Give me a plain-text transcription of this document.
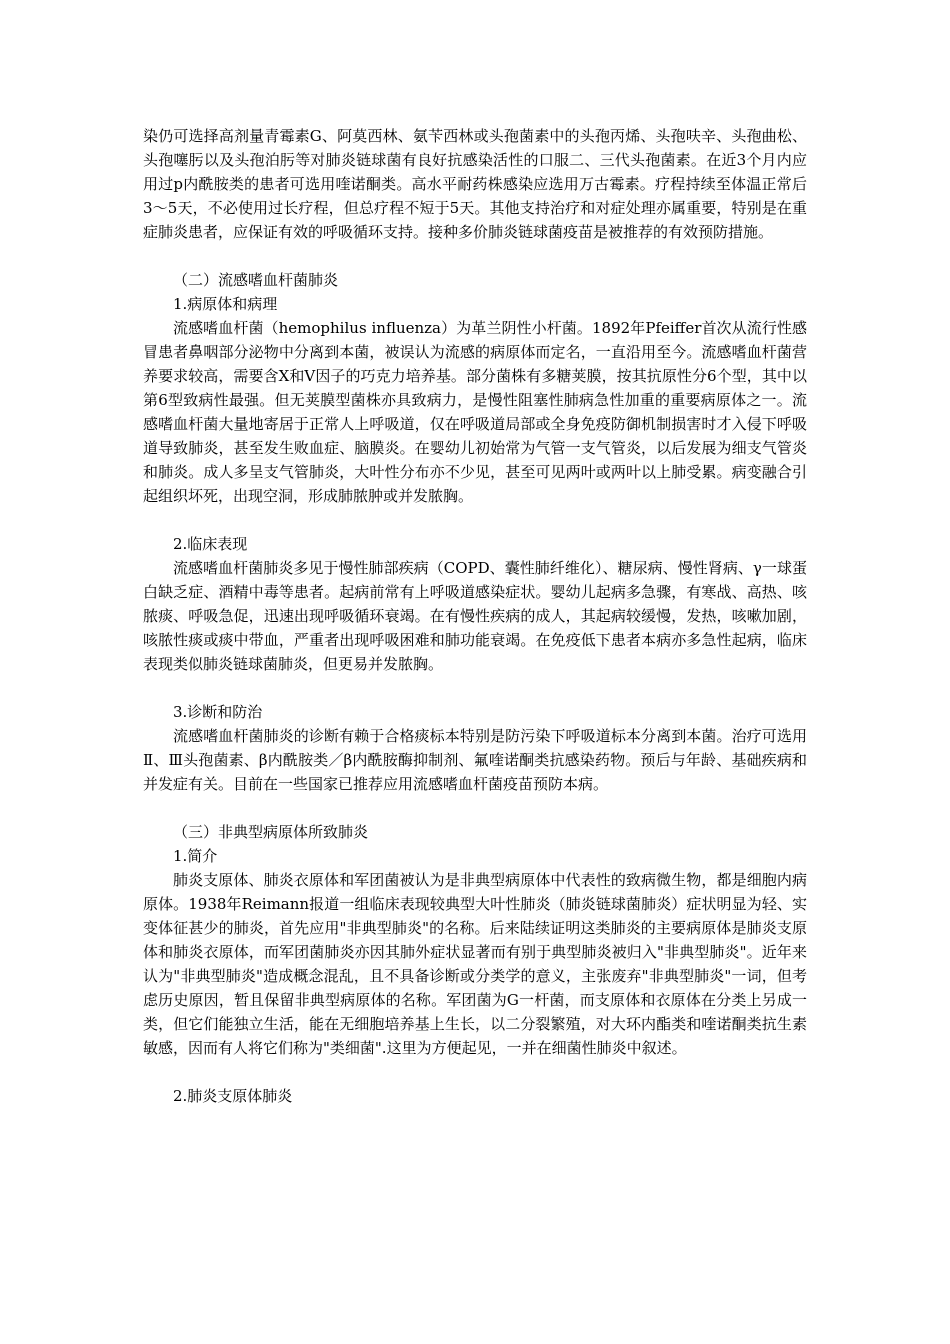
染仍可选择高剂量青霉素G、阿莫西林、氨苄西林或头孢菌素中的头孢丙烯、头孢呋辛、头孢曲松、头孢噻肟以及头孢泊肟等对肺炎链球菌有良好抗感染活性的口服二、三代头孢菌素。在近3个月内应用过p内酰胺类的患者可选用喹诺酮类。高水平耐药株感染应选用万古霉素。疗程持续至体温正常后3～5天，不必使用过长疗程，但总疗程不短于5天。其他支持治疗和对症处理亦属重要，特别是在重症肺炎患者，应保证有效的呼吸循环支持。接种多价肺炎链球菌疫苗是被推荐的有效预防措施。

（二）流感嗜血杆菌肺炎

1.病原体和病理

流感嗜血杆菌（hemophilus influenza）为革兰阴性小杆菌。1892年Pfeiffer首次从流行性感冒患者鼻咽部分泌物中分离到本菌，被误认为流感的病原体而定名，一直沿用至今。流感嗜血杆菌营养要求较高，需要含X和V因子的巧克力培养基。部分菌株有多糖荚膜，按其抗原性分6个型，其中以第6型致病性最强。但无荚膜型菌株亦具致病力，是慢性阻塞性肺病急性加重的重要病原体之一。流感嗜血杆菌大量地寄居于正常人上呼吸道，仅在呼吸道局部或全身免疫防御机制损害时才入侵下呼吸道导致肺炎，甚至发生败血症、脑膜炎。在婴幼儿初始常为气管一支气管炎，以后发展为细支气管炎和肺炎。成人多呈支气管肺炎，大叶性分布亦不少见，甚至可见两叶或两叶以上肺受累。病变融合引起组织坏死，出现空洞，形成肺脓肿或并发脓胸。

2.临床表现

流感嗜血杆菌肺炎多见于慢性肺部疾病（COPD、囊性肺纤维化）、糖尿病、慢性肾病、γ一球蛋白缺乏症、酒精中毒等患者。起病前常有上呼吸道感染症状。婴幼儿起病多急骤，有寒战、高热、咳脓痰、呼吸急促，迅速出现呼吸循环衰竭。在有慢性疾病的成人，其起病较缓慢，发热，咳嗽加剧，咳脓性痰或痰中带血，严重者出现呼吸困难和肺功能衰竭。在免疫低下患者本病亦多急性起病，临床表现类似肺炎链球菌肺炎，但更易并发脓胸。

3.诊断和防治

流感嗜血杆菌肺炎的诊断有赖于合格痰标本特别是防污染下呼吸道标本分离到本菌。治疗可选用Ⅱ、Ⅲ头孢菌素、β内酰胺类／β内酰胺酶抑制剂、氟喹诺酮类抗感染药物。预后与年龄、基础疾病和并发症有关。目前在一些国家已推荐应用流感嗜血杆菌疫苗预防本病。

（三）非典型病原体所致肺炎

1.简介

肺炎支原体、肺炎衣原体和军团菌被认为是非典型病原体中代表性的致病微生物，都是细胞内病原体。1938年Reimann报道一组临床表现较典型大叶性肺炎（肺炎链球菌肺炎）症状明显为轻、实变体征甚少的肺炎，首先应用"非典型肺炎"的名称。后来陆续证明这类肺炎的主要病原体是肺炎支原体和肺炎衣原体，而军团菌肺炎亦因其肺外症状显著而有别于典型肺炎被归入"非典型肺炎"。近年来认为"非典型肺炎"造成概念混乱，且不具备诊断或分类学的意义，主张废弃"非典型肺炎"一词，但考虑历史原因，暂且保留非典型病原体的名称。军团菌为G一杆菌，而支原体和衣原体在分类上另成一类，但它们能独立生活，能在无细胞培养基上生长，以二分裂繁殖，对大环内酯类和喹诺酮类抗生素敏感，因而有人将它们称为"类细菌".这里为方便起见，一并在细菌性肺炎中叙述。

2.肺炎支原体肺炎
